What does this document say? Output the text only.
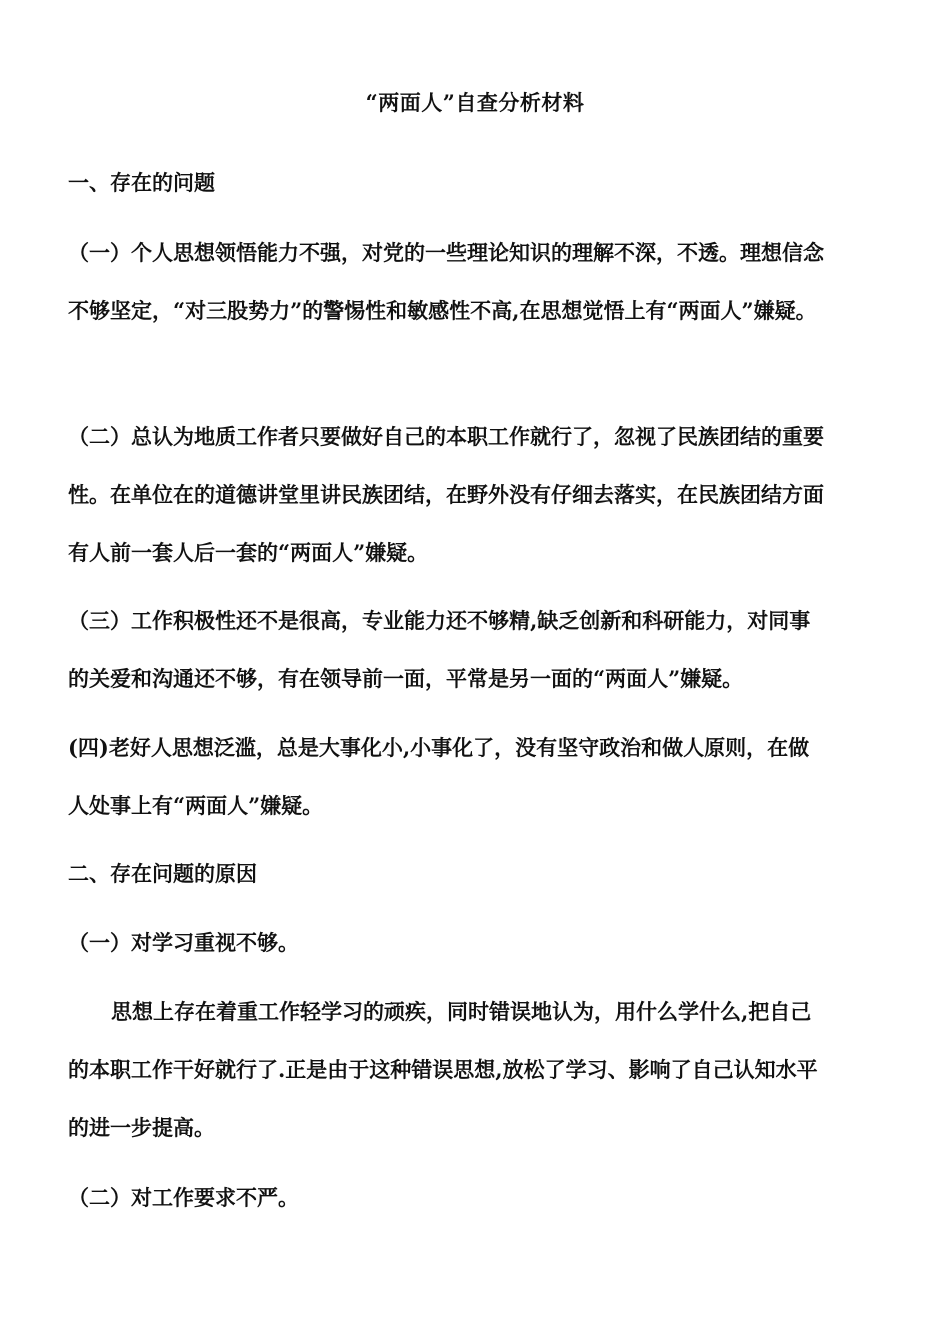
“两面人”自查分析材料
一、存在的问题
（一）个人思想领悟能力不强，对党的一些理论知识的理解不深，不透。理想信念
不够坚定，“对三股势力”的警惕性和敏感性不高,在思想觉悟上有“两面人”嫌疑。
（二）总认为地质工作者只要做好自己的本职工作就行了，忽视了民族团结的重要
性。在单位在的道德讲堂里讲民族团结，在野外没有仔细去落实，在民族团结方面
有人前一套人后一套的“两面人”嫌疑。
（三）工作积极性还不是很高，专业能力还不够精,缺乏创新和科研能力，对同事
的关爱和沟通还不够，有在领导前一面，平常是另一面的“两面人”嫌疑。
(四)老好人思想泛滥，总是大事化小,小事化了，没有坚守政治和做人原则，在做
人处事上有“两面人”嫌疑。
二、存在问题的原因
（一）对学习重视不够。
思想上存在着重工作轻学习的顽疾，同时错误地认为，用什么学什么,把自己
的本职工作干好就行了.正是由于这种错误思想,放松了学习、影响了自己认知水平
的进一步提高。
（二）对工作要求不严。
